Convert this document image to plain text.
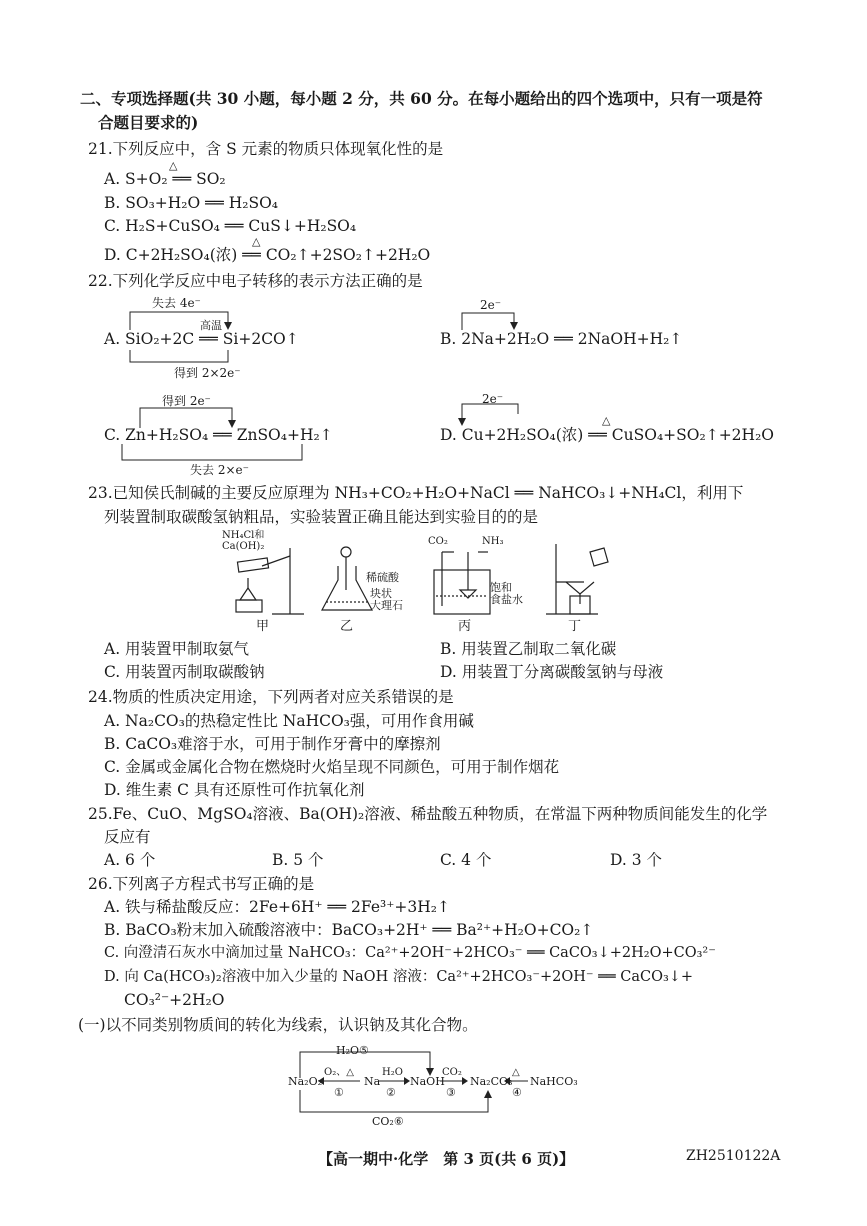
二、专项选择题(共 30 小题，每小题 2 分，共 60 分。在每小题给出的四个选项中，只有一项是符
合题目要求的)
21.下列反应中，含 S 元素的物质只体现氧化性的是
A. S+O₂ ══ SO₂
△
B. SO₃+H₂O ══ H₂SO₄
C. H₂S+CuSO₄ ══ CuS↓+H₂SO₄
D. C+2H₂SO₄(浓) ══ CO₂↑+2SO₂↑+2H₂O
△
22.下列化学反应中电子转移的表示方法正确的是
失去 4e⁻
A. SiO₂+2C ══ Si+2CO↑
高温
得到 2×2e⁻
2e⁻
B. 2Na+2H₂O ══ 2NaOH+H₂↑
得到 2e⁻
C. Zn+H₂SO₄ ══ ZnSO₄+H₂↑
失去 2×e⁻
2e⁻
D. Cu+2H₂SO₄(浓) ══ CuSO₄+SO₂↑+2H₂O
△
23.已知侯氏制碱的主要反应原理为 NH₃+CO₂+H₂O+NaCl ══ NaHCO₃↓+NH₄Cl，利用下
列装置制取碳酸氢钠粗品，实验装置正确且能达到实验目的的是
NH₄Cl和
Ca(OH)₂
稀硫酸
块状
大理石
CO₂	NH₃
饱和
食盐水
甲	乙	丙	丁
A. 用装置甲制取氨气	B. 用装置乙制取二氧化碳
C. 用装置丙制取碳酸钠	D. 用装置丁分离碳酸氢钠与母液
24.物质的性质决定用途，下列两者对应关系错误的是
A. Na₂CO₃的热稳定性比 NaHCO₃强，可用作食用碱
B. CaCO₃难溶于水，可用于制作牙膏中的摩擦剂
C. 金属或金属化合物在燃烧时火焰呈现不同颜色，可用于制作烟花
D. 维生素 C 具有还原性可作抗氧化剂
25.Fe、CuO、MgSO₄溶液、Ba(OH)₂溶液、稀盐酸五种物质，在常温下两种物质间能发生的化学
反应有
A. 6 个	B. 5 个	C. 4 个	D. 3 个
26.下列离子方程式书写正确的是
A. 铁与稀盐酸反应：2Fe+6H⁺ ══ 2Fe³⁺+3H₂↑
B. BaCO₃粉末加入硫酸溶液中：BaCO₃+2H⁺ ══ Ba²⁺+H₂O+CO₂↑
C. 向澄清石灰水中滴加过量 NaHCO₃：Ca²⁺+2OH⁻+2HCO₃⁻ ══ CaCO₃↓+2H₂O+CO₃²⁻
D. 向 Ca(HCO₃)₂溶液中加入少量的 NaOH 溶液：Ca²⁺+2HCO₃⁻+2OH⁻ ══ CaCO₃↓+
CO₃²⁻+2H₂O
(一)以不同类别物质间的转化为线索，认识钠及其化合物。
Na₂O₂	Na	NaOH Na₂CO₃ NaHCO₃
H₂O⑤
CO₂⑥
O₂、△
①
H₂O
②
CO₂
③
△
④
【高一期中·化学　第 3 页(共 6 页)】	ZH2510122A
